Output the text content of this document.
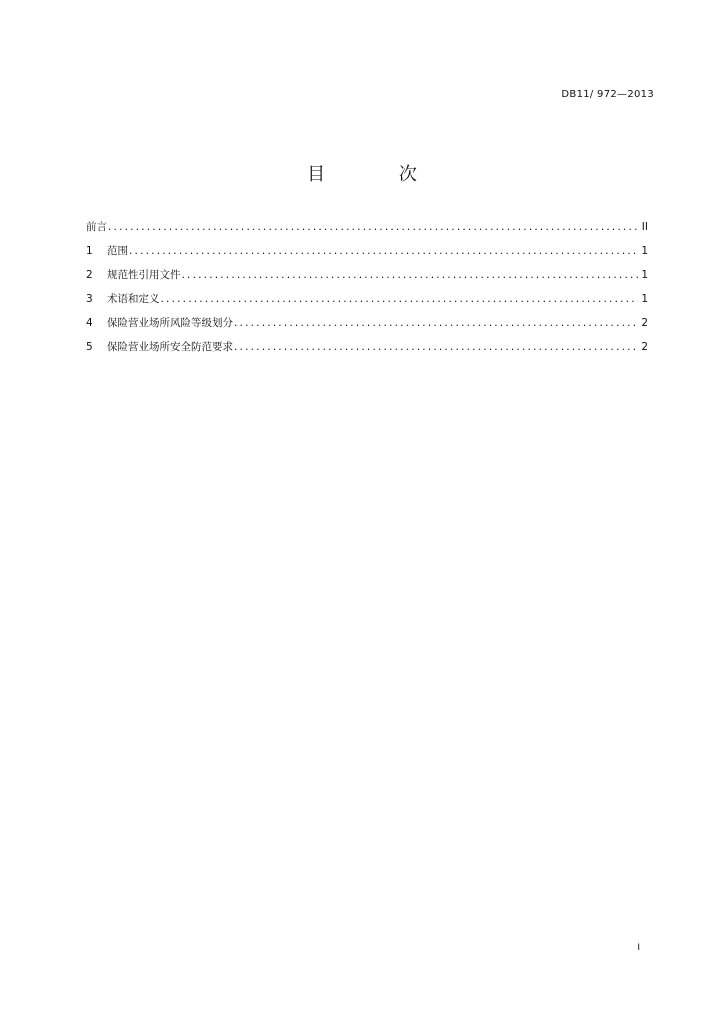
DB11/ 972—2013
目 次
前言 .....	II
1	范围 .....	1
2	规范性引用文件 .....	1
3	术语和定义 .....	1
4	保险营业场所风险等级划分 .....	2
5	保险营业场所安全防范要求 .....	2
I
